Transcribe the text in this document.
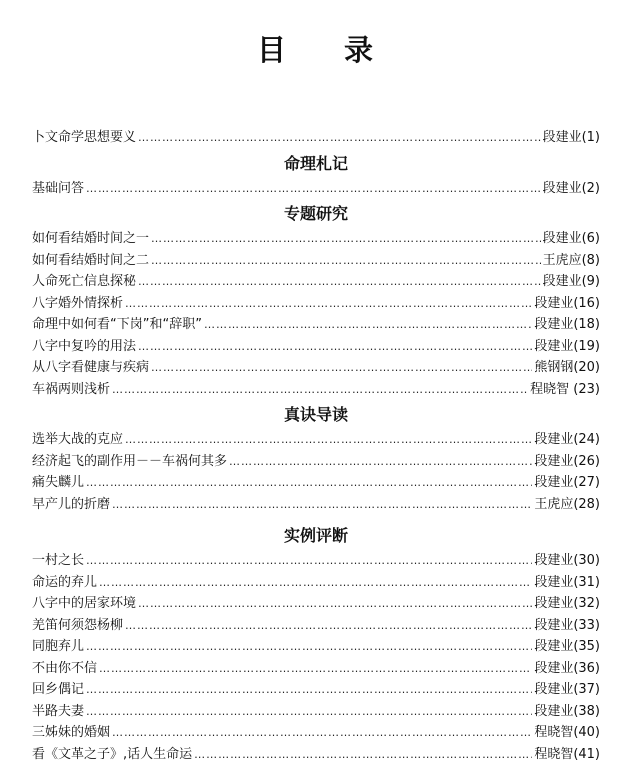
目 录
卜文命学思想要义 …………………………………………………………………………………………………………………………………………………………………………………………	段建业(1)
命理札记
基础问答 …………………………………………………………………………………………………………………………………………………………………………………………	段建业(2)
专题研究
如何看结婚时间之一 …………………………………………………………………………………………………………………………………………………………………………………………	段建业(6)
如何看结婚时间之二 …………………………………………………………………………………………………………………………………………………………………………………………	王虎应(8)
人命死亡信息探秘 …………………………………………………………………………………………………………………………………………………………………………………………	段建业(9)
八字婚外情探析 …………………………………………………………………………………………………………………………………………………………………………………………	段建业(16)
命理中如何看“下岗”和“辞职” …………………………………………………………………………………………………………………………………………………………………………………………	段建业(18)
八字中复吟的用法 …………………………………………………………………………………………………………………………………………………………………………………………	段建业(19)
从八字看健康与疾病 …………………………………………………………………………………………………………………………………………………………………………………………	熊钢钢(20)
车祸两则浅析 …………………………………………………………………………………………………………………………………………………………………………………………	程晓智 (23)
真诀导读
选举大战的克应 …………………………………………………………………………………………………………………………………………………………………………………………	段建业(24)
经济起飞的副作用－－车祸何其多 …………………………………………………………………………………………………………………………………………………………………………………………	段建业(26)
痛失麟儿 …………………………………………………………………………………………………………………………………………………………………………………………	段建业(27)
早产儿的折磨 …………………………………………………………………………………………………………………………………………………………………………………………	王虎应(28)
实例评断
一村之长 …………………………………………………………………………………………………………………………………………………………………………………………	段建业(30)
命运的弃儿 …………………………………………………………………………………………………………………………………………………………………………………………	段建业(31)
八字中的居家环境 …………………………………………………………………………………………………………………………………………………………………………………………	段建业(32)
羌笛何须怨杨柳 …………………………………………………………………………………………………………………………………………………………………………………………	段建业(33)
同胞弃儿 …………………………………………………………………………………………………………………………………………………………………………………………	段建业(35)
不由你不信 …………………………………………………………………………………………………………………………………………………………………………………………	段建业(36)
回乡偶记 …………………………………………………………………………………………………………………………………………………………………………………………	段建业(37)
半路夫妻 …………………………………………………………………………………………………………………………………………………………………………………………	段建业(38)
三姊妹的婚姻 …………………………………………………………………………………………………………………………………………………………………………………………	程晓智(40)
看《文革之子》,话人生命运 …………………………………………………………………………………………………………………………………………………………………………………………	程晓智(41)
